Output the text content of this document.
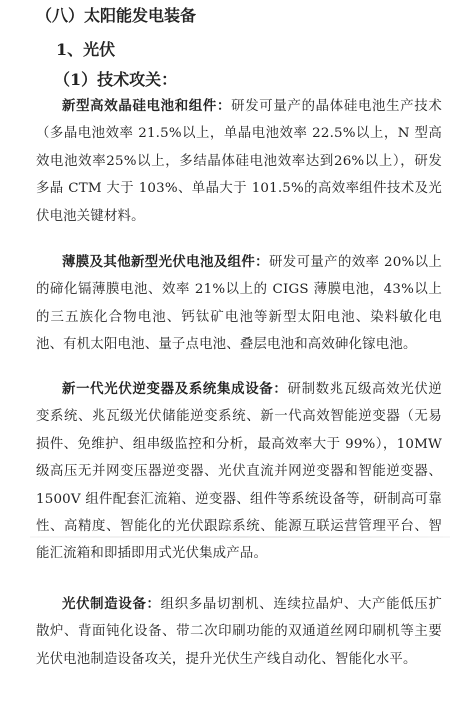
（八）太阳能发电装备
1、光伏
（1）技术攻关：

新型高效晶硅电池和组件：研发可量产的晶体硅电池生产技术（多晶电池效率 21.5%以上，单晶电池效率 22.5%以上，N 型高效电池效率25%以上，多结晶体硅电池效率达到26%以上），研发多晶 CTM 大于 103%、单晶大于 101.5%的高效率组件技术及光伏电池关键材料。

薄膜及其他新型光伏电池及组件：研发可量产的效率 20%以上的碲化镉薄膜电池、效率 21%以上的 CIGS 薄膜电池，43%以上的三五族化合物电池、钙钛矿电池等新型太阳电池、染料敏化电池、有机太阳电池、量子点电池、叠层电池和高效砷化镓电池。

新一代光伏逆变器及系统集成设备：研制数兆瓦级高效光伏逆变系统、兆瓦级光伏储能逆变系统、新一代高效智能逆变器（无易损件、免维护、组串级监控和分析，最高效率大于 99%），10MW级高压无并网变压器逆变器、光伏直流并网逆变器和智能逆变器、1500V 组件配套汇流箱、逆变器、组件等系统设备等，研制高可靠性、高精度、智能化的光伏跟踪系统、能源互联运营管理平台、智能汇流箱和即插即用式光伏集成产品。

光伏制造设备：组织多晶切割机、连续拉晶炉、大产能低压扩散炉、背面钝化设备、带二次印刷功能的双通道丝网印刷机等主要光伏电池制造设备攻关，提升光伏生产线自动化、智能化水平。
